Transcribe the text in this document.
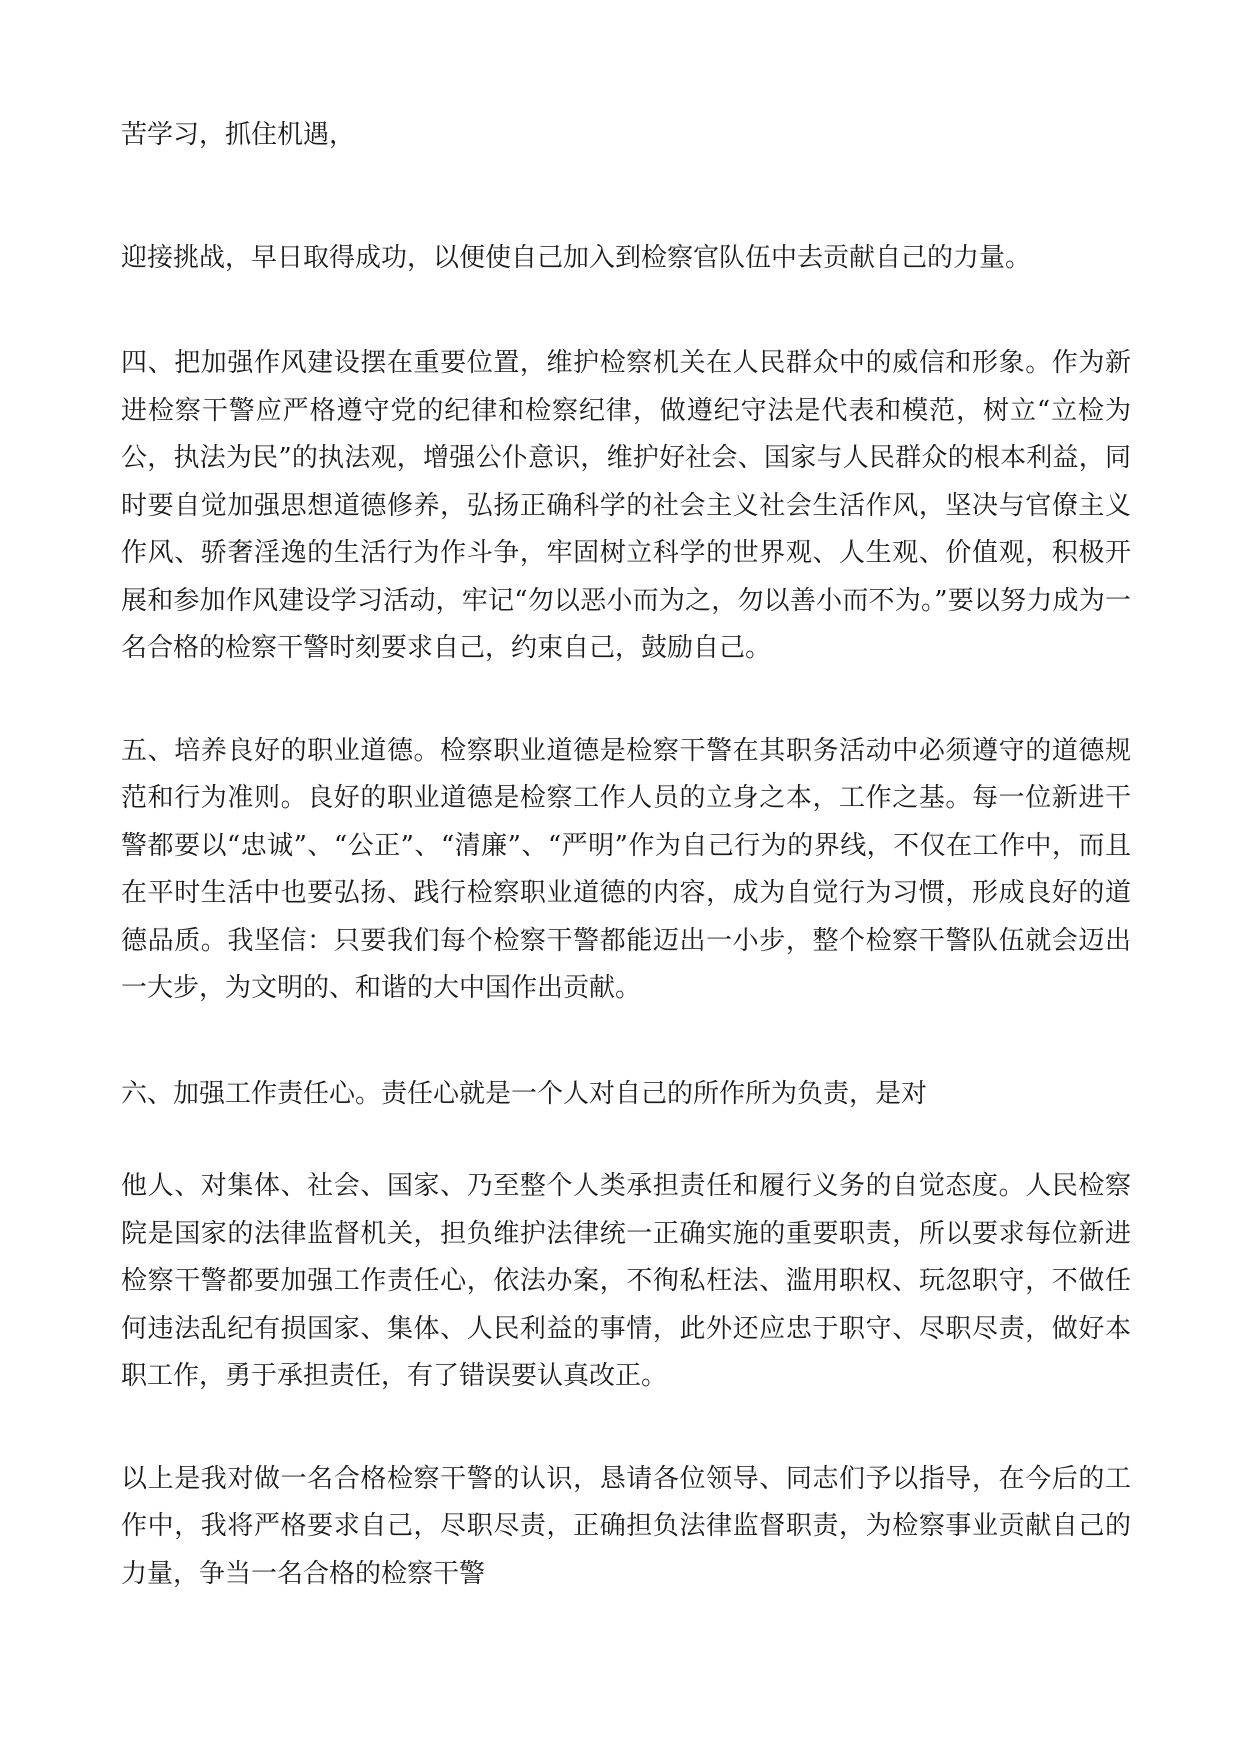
苦学习，抓住机遇，

迎接挑战，早日取得成功，以便使自己加入到检察官队伍中去贡献自己的力量。

四、把加强作风建设摆在重要位置，维护检察机关在人民群众中的威信和形象。作为新进检察干警应严格遵守党的纪律和检察纪律，做遵纪守法是代表和模范，树立“立检为公，执法为民”的执法观，增强公仆意识，维护好社会、国家与人民群众的根本利益，同时要自觉加强思想道德修养，弘扬正确科学的社会主义社会生活作风，坚决与官僚主义作风、骄奢淫逸的生活行为作斗争，牢固树立科学的世界观、人生观、价值观，积极开展和参加作风建设学习活动，牢记“勿以恶小而为之，勿以善小而不为。”要以努力成为一名合格的检察干警时刻要求自己，约束自己，鼓励自己。

五、培养良好的职业道德。检察职业道德是检察干警在其职务活动中必须遵守的道德规范和行为准则。良好的职业道德是检察工作人员的立身之本，工作之基。每一位新进干警都要以“忠诚”、“公正”、“清廉”、“严明”作为自己行为的界线，不仅在工作中，而且在平时生活中也要弘扬、践行检察职业道德的内容，成为自觉行为习惯，形成良好的道德品质。我坚信：只要我们每个检察干警都能迈出一小步，整个检察干警队伍就会迈出一大步，为文明的、和谐的大中国作出贡献。

六、加强工作责任心。责任心就是一个人对自己的所作所为负责，是对

他人、对集体、社会、国家、乃至整个人类承担责任和履行义务的自觉态度。人民检察院是国家的法律监督机关，担负维护法律统一正确实施的重要职责，所以要求每位新进检察干警都要加强工作责任心，依法办案，不徇私枉法、滥用职权、玩忽职守，不做任何违法乱纪有损国家、集体、人民利益的事情，此外还应忠于职守、尽职尽责，做好本职工作，勇于承担责任，有了错误要认真改正。

以上是我对做一名合格检察干警的认识，恳请各位领导、同志们予以指导，在今后的工作中，我将严格要求自己，尽职尽责，正确担负法律监督职责，为检察事业贡献自己的力量，争当一名合格的检察干警
